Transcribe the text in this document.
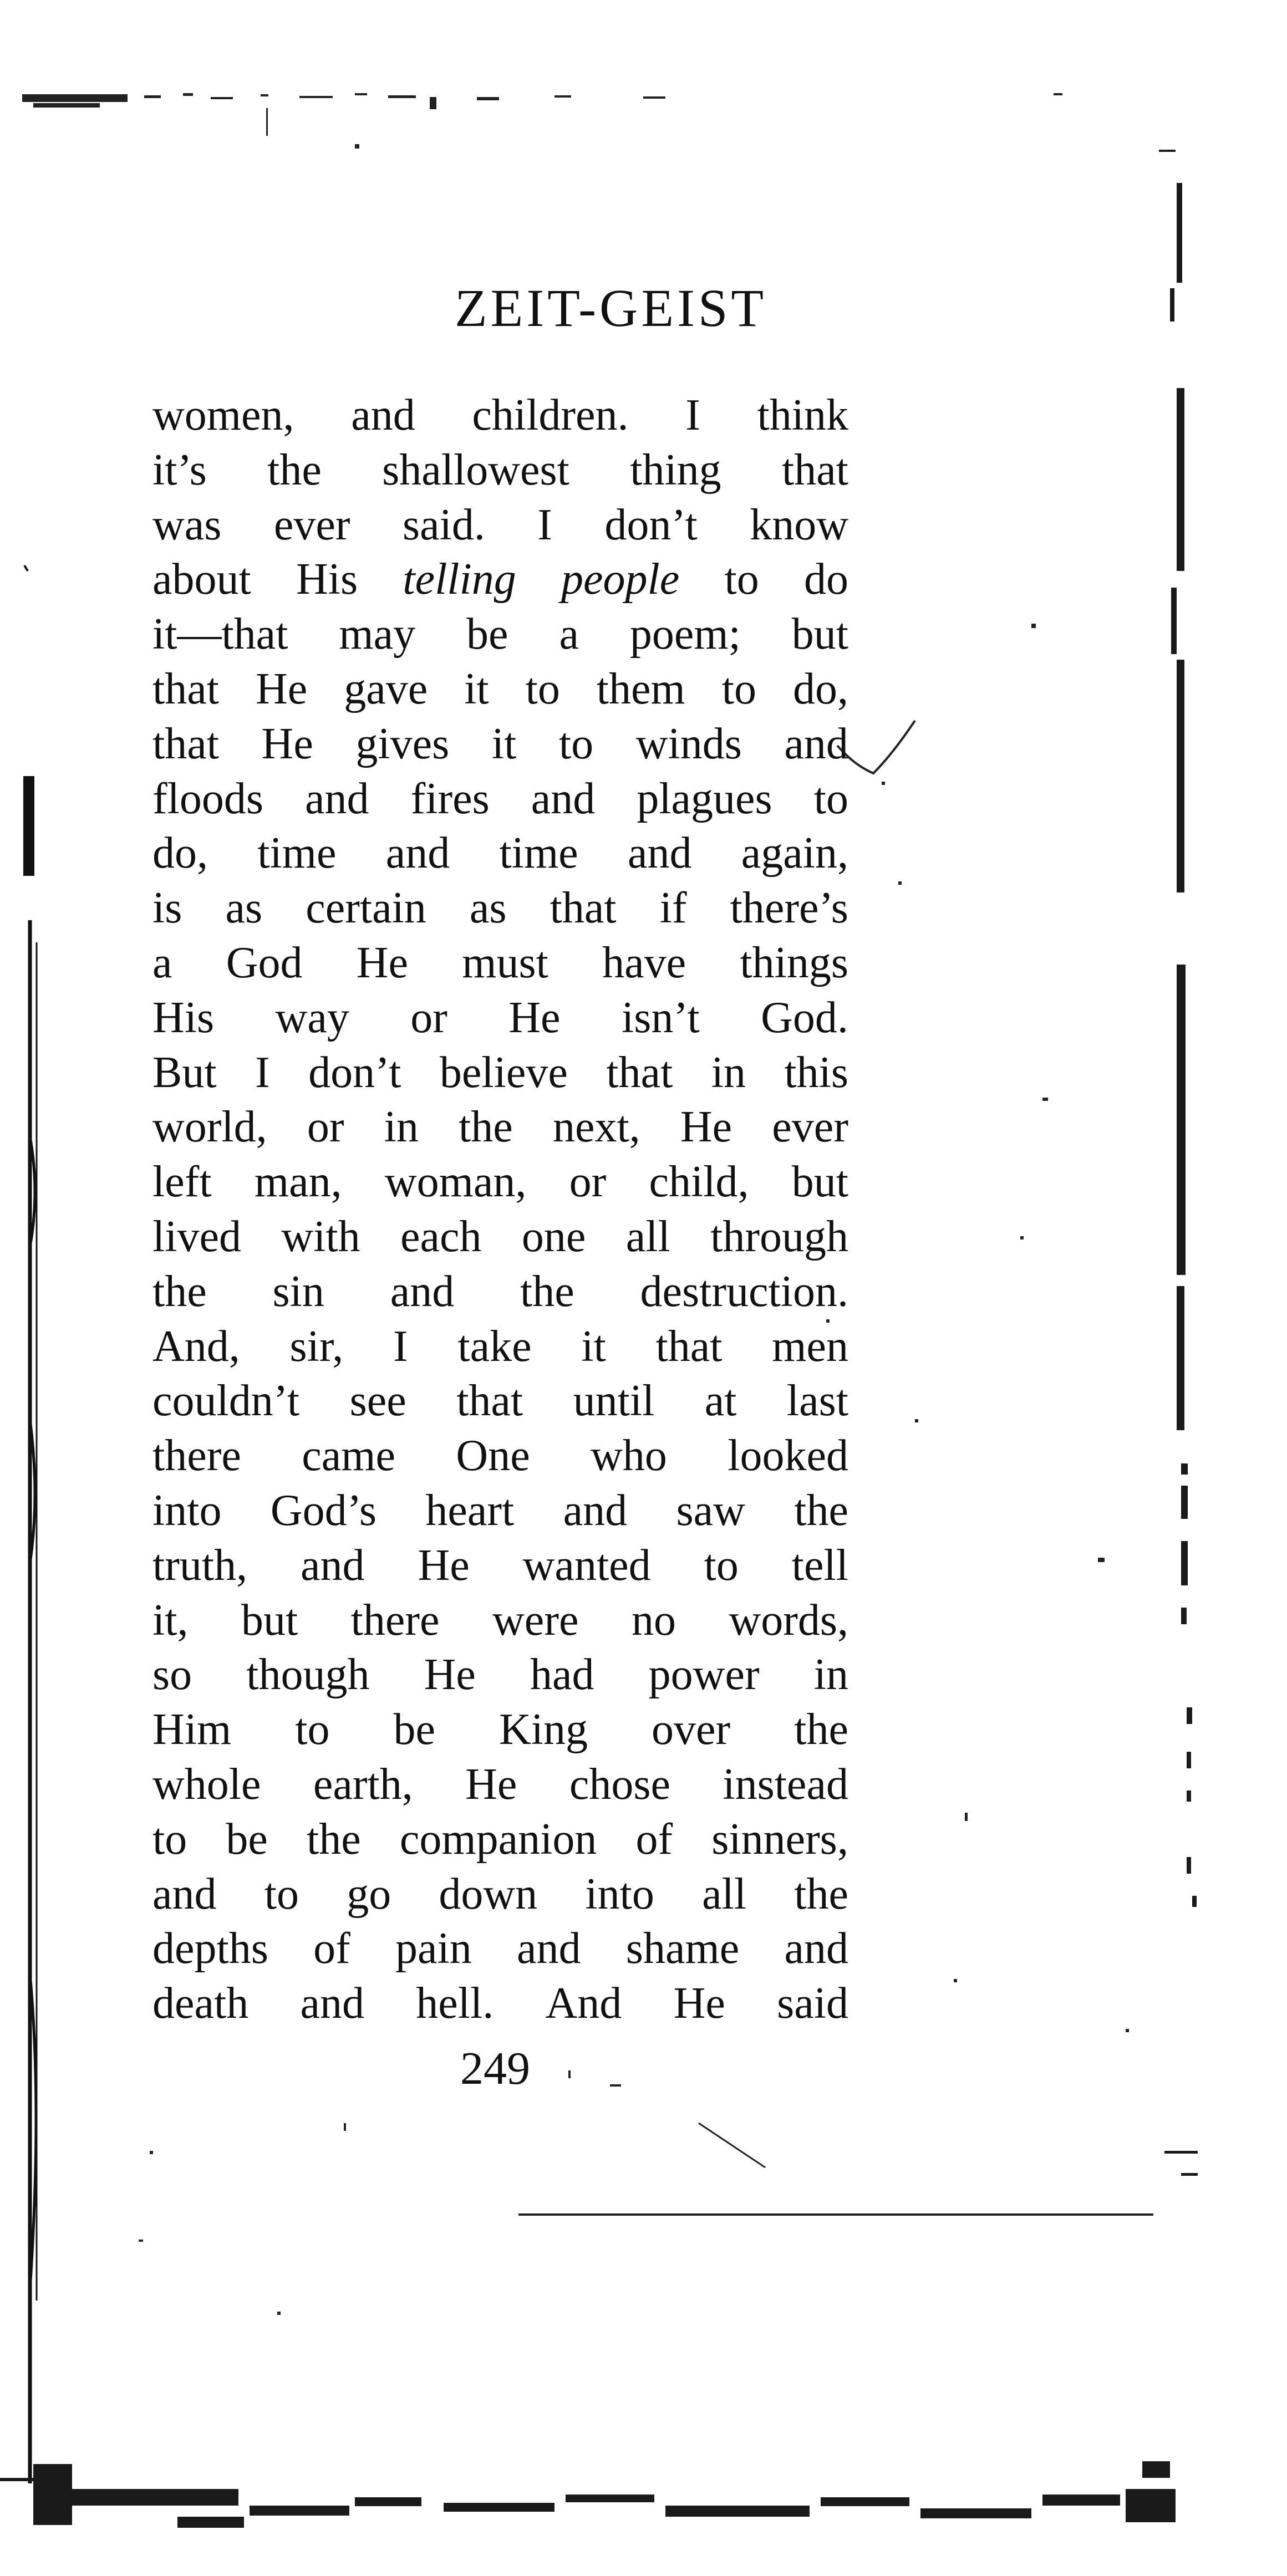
ZEIT-GEIST
women, and children. I think
it’s the shallowest thing that
was ever said. I don’t know
about His telling people to do
it—that may be a poem; but
that He gave it to them to do,
that He gives it to winds and
floods and fires and plagues to
do, time and time and again,
is as certain as that if there’s
a God He must have things
His way or He isn’t God.
But I don’t believe that in this
world, or in the next, He ever
left man, woman, or child, but
lived with each one all through
the sin and the destruction.
And, sir, I take it that men
couldn’t see that until at last
there came One who looked
into God’s heart and saw the
truth, and He wanted to tell
it, but there were no words,
so though He had power in
Him to be King over the
whole earth, He chose instead
to be the companion of sinners,
and to go down into all the
depths of pain and shame and
death and hell. And He said
249
